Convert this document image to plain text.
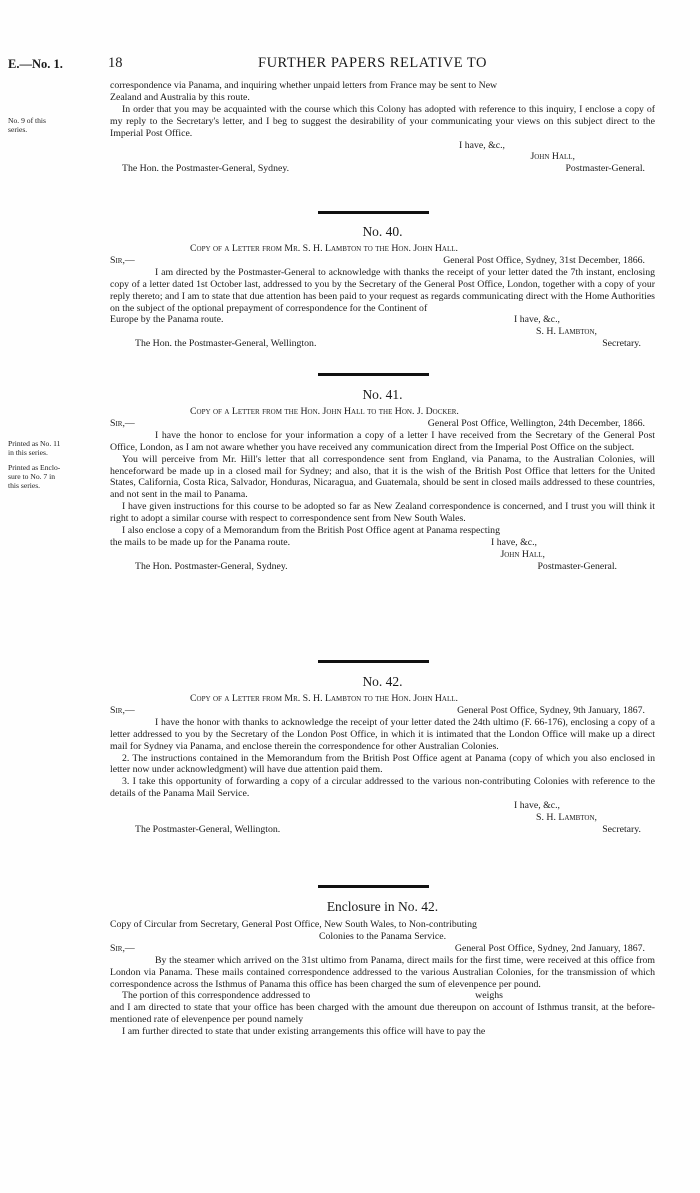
E.—No. 1.	18	FURTHER PAPERS RELATIVE TO

correspondence via Panama, and inquiring whether unpaid letters from France may be sent to New

Zealand and Australia by this route.

In order that you may be acquainted with the course which this Colony has adopted with reference to this inquiry, I enclose a copy of my reply to the Secretary's letter, and I beg to suggest the desirability of your communicating your views on this subject direct to the Imperial Post Office.

I have, &c.,
John Hall,
The Hon. the Postmaster-General, Sydney.	Postmaster-General.
No. 9 of this
series.
No. 40.
Copy of a Letter from Mr. S. H. Lambton to the Hon. John Hall.
Sir,—	General Post Office, Sydney, 31st December, 1866.

I am directed by the Postmaster-General to acknowledge with thanks the receipt of your letter dated the 7th instant, enclosing copy of a letter dated 1st October last, addressed to you by the Secretary of the General Post Office, London, together with a copy of your reply thereto; and I am to state that due attention has been paid to your request as regards communicating direct with the Home Authorities on the subject of the optional prepayment of correspondence for the Continent of

Europe by the Panama route.	I have, &c.,
S. H. Lambton,
The Hon. the Postmaster-General, Wellington.	Secretary.
No. 41.
Copy of a Letter from the Hon. John Hall to the Hon. J. Docker.
Sir,—	General Post Office, Wellington, 24th December, 1866.

I have the honor to enclose for your information a copy of a letter I have received from the Secretary of the General Post Office, London, as I am not aware whether you have received any communication direct from the Imperial Post Office on the subject.

You will perceive from Mr. Hill's letter that all correspondence sent from England, via Panama, to the Australian Colonies, will henceforward be made up in a closed mail for Sydney; and also, that it is the wish of the British Post Office that letters for the United States, California, Costa Rica, Salvador, Honduras, Nicaragua, and Guatemala, should be sent in closed mails addressed to these countries, and not sent in the mail to Panama.

I have given instructions for this course to be adopted so far as New Zealand correspondence is concerned, and I trust you will think it right to adopt a similar course with respect to correspondence sent from New South Wales.

I also enclose a copy of a Memorandum from the British Post Office agent at Panama respecting

the mails to be made up for the Panama route.	I have, &c.,
John Hall,
The Hon. Postmaster-General, Sydney.	Postmaster-General.
Printed as No. 11
in this series.
Printed as Enclo-
sure to No. 7 in
this series.
No. 42.
Copy of a Letter from Mr. S. H. Lambton to the Hon. John Hall.
Sir,—	General Post Office, Sydney, 9th January, 1867.

I have the honor with thanks to acknowledge the receipt of your letter dated the 24th ultimo (F. 66-176), enclosing a copy of a letter addressed to you by the Secretary of the London Post Office, in which it is intimated that the London Office will make up a direct mail for Sydney via Panama, and enclose therein the correspondence for other Australian Colonies.

2. The instructions contained in the Memorandum from the British Post Office agent at Panama (copy of which you also enclosed in letter now under acknowledgment) will have due attention paid them.

3. I take this opportunity of forwarding a copy of a circular addressed to the various non-contributing Colonies with reference to the details of the Panama Mail Service.

I have, &c.,
S. H. Lambton,
The Postmaster-General, Wellington.	Secretary.
Enclosure in No. 42.
Copy of Circular from Secretary, General Post Office, New South Wales, to Non-contributing
Colonies to the Panama Service.
Sir,—	General Post Office, Sydney, 2nd January, 1867.

By the steamer which arrived on the 31st ultimo from Panama, direct mails for the first time, were received at this office from London via Panama. These mails contained correspondence addressed to the various Australian Colonies, for the transmission of which correspondence across the Isthmus of Panama this office has been charged the sum of elevenpence per pound.

The portion of this correspondence addressed to	weighs

and I am directed to state that your office has been charged with the amount due thereupon on account of Isthmus transit, at the before-mentioned rate of elevenpence per pound namely

I am further directed to state that under existing arrangements this office will have to pay the
